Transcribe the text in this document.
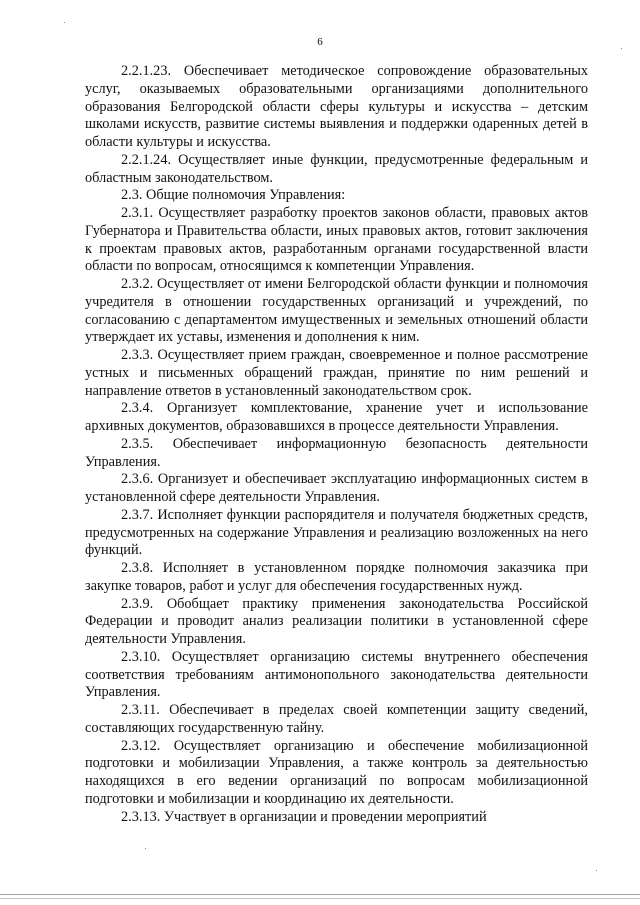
6

2.2.1.23. Обеспечивает методическое сопровождение образовательных услуг, оказываемых образовательными организациями дополнительного образования Белгородской области сферы культуры и искусства – детским школами искусств, развитие системы выявления и поддержки одаренных детей в области культуры и искусства.

2.2.1.24. Осуществляет иные функции, предусмотренные федеральным и областным законодательством.

2.3. Общие полномочия Управления:

2.3.1. Осуществляет разработку проектов законов области, правовых актов Губернатора и Правительства области, иных правовых актов, готовит заключения к проектам правовых актов, разработанным органами государственной власти области по вопросам, относящимся к компетенции Управления.

2.3.2. Осуществляет от имени Белгородской области функции и полномочия учредителя в отношении государственных организаций и учреждений, по согласованию с департаментом имущественных и земельных отношений области утверждает их уставы, изменения и дополнения к ним.

2.3.3. Осуществляет прием граждан, своевременное и полное рассмотрение устных и письменных обращений граждан, принятие по ним решений и направление ответов в установленный законодательством срок.

2.3.4. Организует комплектование, хранение учет и использование архивных документов, образовавшихся в процессе деятельности Управления.

2.3.5. Обеспечивает информационную безопасность деятельности Управления.

2.3.6. Организует и обеспечивает эксплуатацию информационных систем в установленной сфере деятельности Управления.

2.3.7. Исполняет функции распорядителя и получателя бюджетных средств, предусмотренных на содержание Управления и реализацию возложенных на него функций.

2.3.8. Исполняет в установленном порядке полномочия заказчика при закупке товаров, работ и услуг для обеспечения государственных нужд.

2.3.9. Обобщает практику применения законодательства Российской Федерации и проводит анализ реализации политики в установленной сфере деятельности Управления.

2.3.10. Осуществляет организацию системы внутреннего обеспечения соответствия требованиям антимонопольного законодательства деятельности Управления.

2.3.11. Обеспечивает в пределах своей компетенции защиту сведений, составляющих государственную тайну.

2.3.12. Осуществляет организацию и обеспечение мобилизационной подготовки и мобилизации Управления, а также контроль за деятельностью находящихся в его ведении организаций по вопросам мобилизационной подготовки и мобилизации и координацию их деятельности.

2.3.13. Участвует в организации и проведении мероприятий
